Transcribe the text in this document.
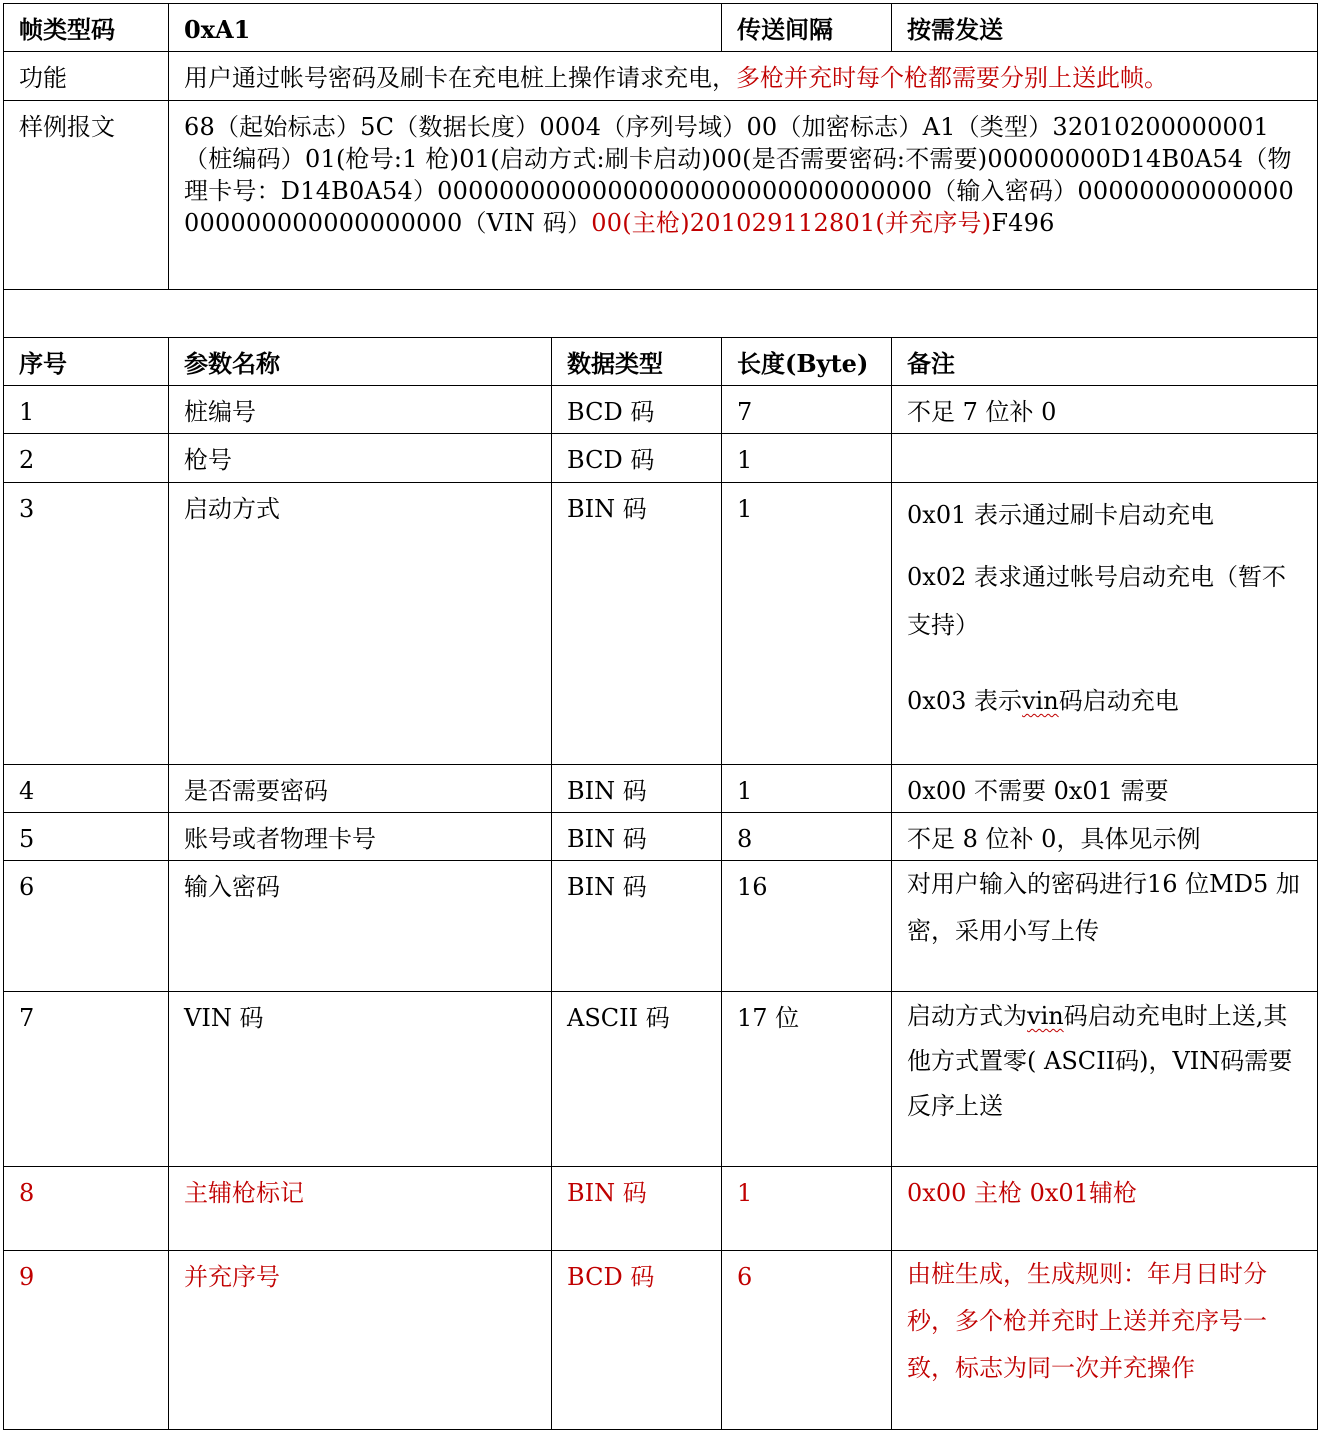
帧类型码	0xA1		传送间隔	按需发送
功能	用户通过帐号密码及刷卡在充电桩上操作请求充电，多枪并充时每个枪都需要分别上送此帧。			
样例报文	68（起始标志）5C（数据长度）0004（序列号域）00（加密标志）A1（类型）32010200000001（桩编码）01(枪号:1 枪)01(启动方式:刷卡启动)00(是否需要密码:不需要)00000000D14B0A54（物理卡号：D14B0A54）00000000000000000000000000000000（输入密码）00000000000000000000000000000000（VIN 码）00(主枪)201029112801(并充序号)F496			

序号	参数名称	数据类型	长度(Byte)	备注
1	桩编号	BCD 码	7	不足 7 位补 0
2	枪号	BCD 码	1	
3	启动方式	BIN 码	1	0x01 表示通过刷卡启动充电

0x02 表求通过帐号启动充电（暂不支持）

0x03 表示vin码启动充电

4	是否需要密码	BIN 码	1	0x00 不需要 0x01 需要
5	账号或者物理卡号	BIN 码	8	不足 8 位补 0，具体见示例
6	输入密码	BIN 码	16	对用户输入的密码进行16 位MD5 加密，采用小写上传
7	VIN 码	ASCII 码	17 位	启动方式为vin码启动充电时上送,其他方式置零( ASCII码)，VIN码需要反序上送
8	主辅枪标记	BIN 码	1	0x00 主枪 0x01辅枪
9	并充序号	BCD 码	6	由桩生成，生成规则：年月日时分秒，多个枪并充时上送并充序号一致，标志为同一次并充操作
